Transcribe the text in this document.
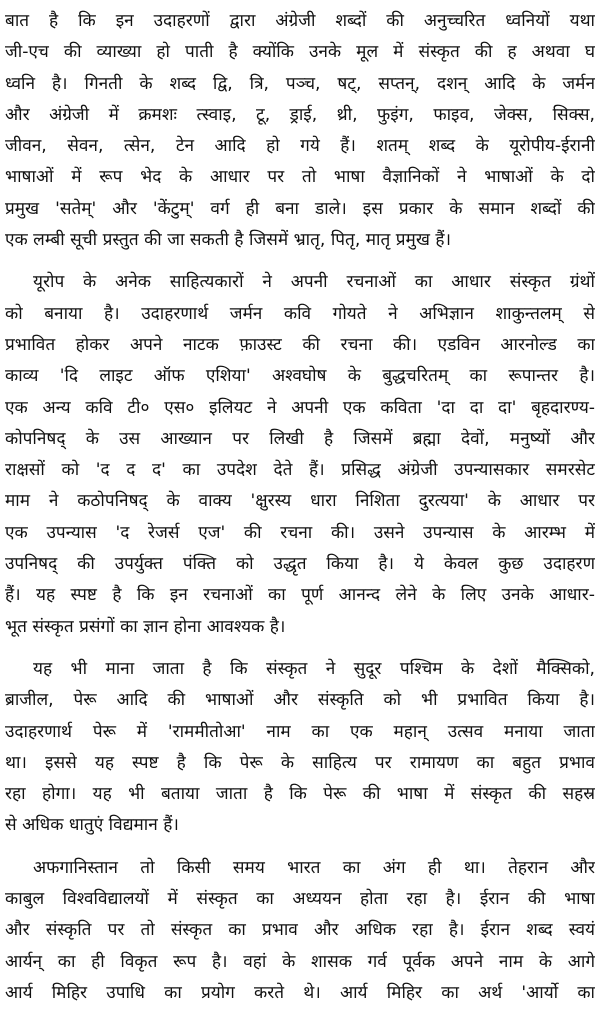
बात है कि इन उदाहरणों द्वारा अंग्रेजी शब्दों की अनुच्चरित ध्वनियों यथा
जी-एच की व्याख्या हो पाती है क्योंकि उनके मूल में संस्कृत की ह अथवा घ
ध्वनि है। गिनती के शब्द द्वि, त्रि, पञ्च, षट्, सप्तन्, दशन् आदि के जर्मन
और अंग्रेजी में क्रमशः त्स्वाइ, टू, ड्राई, थ्री, फुइंग, फाइव, जेक्स, सिक्स,
जीवन, सेवन, त्सेन, टेन आदि हो गये हैं। शतम् शब्द के यूरोपीय-ईरानी
भाषाओं में रूप भेद के आधार पर तो भाषा वैज्ञानिकों ने भाषाओं के दो
प्रमुख 'सतेम्' और 'केंटुम्' वर्ग ही बना डाले। इस प्रकार के समान शब्दों की
एक लम्बी सूची प्रस्तुत की जा सकती है जिसमें भ्रातृ, पितृ, मातृ प्रमुख हैं।
यूरोप के अनेक साहित्यकारों ने अपनी रचनाओं का आधार संस्कृत ग्रंथों
को बनाया है। उदाहरणार्थ जर्मन कवि गोयते ने अभिज्ञान शाकुन्तलम् से
प्रभावित होकर अपने नाटक फ़ाउस्ट की रचना की। एडविन आरनोल्ड का
काव्य 'दि लाइट ऑफ एशिया' अश्वघोष के बुद्धचरितम् का रूपान्तर है।
एक अन्य कवि टी० एस० इलियट ने अपनी एक कविता 'दा दा दा' बृहदारण्य-
कोपनिषद् के उस आख्यान पर लिखी है जिसमें ब्रह्मा देवों, मनुष्यों और
राक्षसों को 'द द द' का उपदेश देते हैं। प्रसिद्ध अंग्रेजी उपन्यासकार समरसेट
माम ने कठोपनिषद् के वाक्य 'क्षुरस्य धारा निशिता दुरत्यया' के आधार पर
एक उपन्यास 'द रेजर्स एज' की रचना की। उसने उपन्यास के आरम्भ में
उपनिषद् की उपर्युक्त पंक्ति को उद्धृत किया है। ये केवल कुछ उदाहरण
हैं। यह स्पष्ट है कि इन रचनाओं का पूर्ण आनन्द लेने के लिए उनके आधार-
भूत संस्कृत प्रसंगों का ज्ञान होना आवश्यक है।
यह भी माना जाता है कि संस्कृत ने सुदूर पश्चिम के देशों मैक्सिको,
ब्राजील, पेरू आदि की भाषाओं और संस्कृति को भी प्रभावित किया है।
उदाहरणार्थ पेरू में 'राममीतोआ' नाम का एक महान् उत्सव मनाया जाता
था। इससे यह स्पष्ट है कि पेरू के साहित्य पर रामायण का बहुत प्रभाव
रहा होगा। यह भी बताया जाता है कि पेरू की भाषा में संस्कृत की सहस्र
से अधिक धातुएं विद्यमान हैं।
अफगानिस्तान तो किसी समय भारत का अंग ही था। तेहरान और
काबुल विश्वविद्यालयों में संस्कृत का अध्ययन होता रहा है। ईरान की भाषा
और संस्कृति पर तो संस्कृत का प्रभाव और अधिक रहा है। ईरान शब्द स्वयं
आर्यन् का ही विकृत रूप है। वहां के शासक गर्व पूर्वक अपने नाम के आगे
आर्य मिहिर उपाधि का प्रयोग करते थे। आर्य मिहिर का अर्थ 'आर्यो का
